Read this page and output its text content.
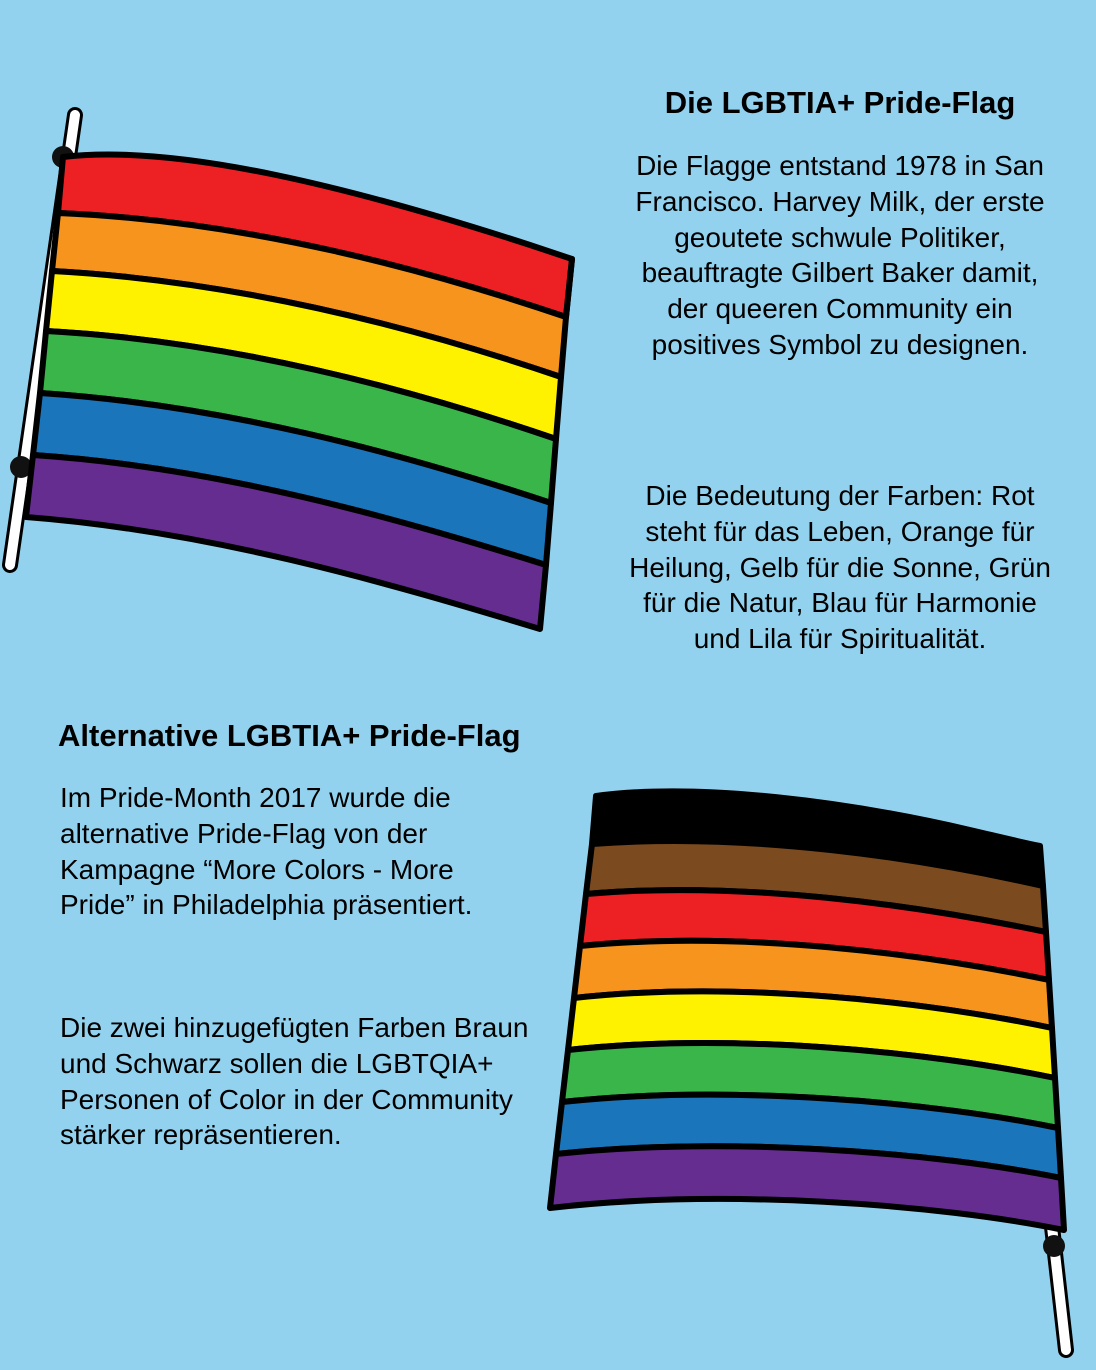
Die LGBTIA+ Pride-Flag
Die Flagge entstand 1978 in San Francisco. Harvey Milk, der erste geoutete schwule Politiker, beauftragte Gilbert Baker damit, der queeren Community ein positives Symbol zu designen.
Die Bedeutung der Farben: Rot steht für das Leben, Orange für Heilung, Gelb für die Sonne, Grün für die Natur, Blau für Harmonie und Lila für Spiritualität.
Alternative LGBTIA+ Pride-Flag
Im Pride-Month 2017 wurde die alternative Pride-Flag von der Kampagne “More Colors - More Pride” in Philadelphia präsentiert.
Die zwei hinzugefügten Farben Braun und Schwarz sollen die LGBTQIA+ Personen of Color in der Community stärker repräsentieren.
